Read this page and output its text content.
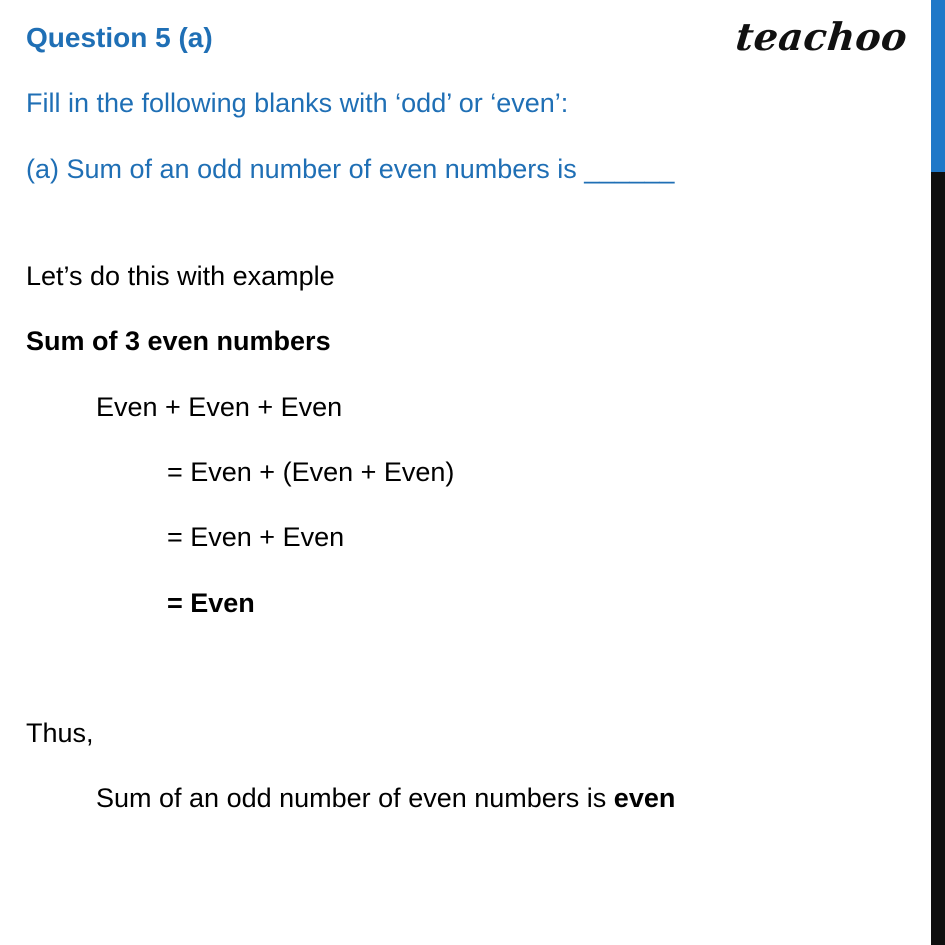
Question 5 (a)	teachoo
Fill in the following blanks with ‘odd’ or ‘even’:
(a) Sum of an odd number of even numbers is ______
Let’s do this with example
Sum of 3 even numbers
Even + Even + Even
= Even + (Even + Even)
= Even + Even
= Even
Thus,
Sum of an odd number of even numbers is even
